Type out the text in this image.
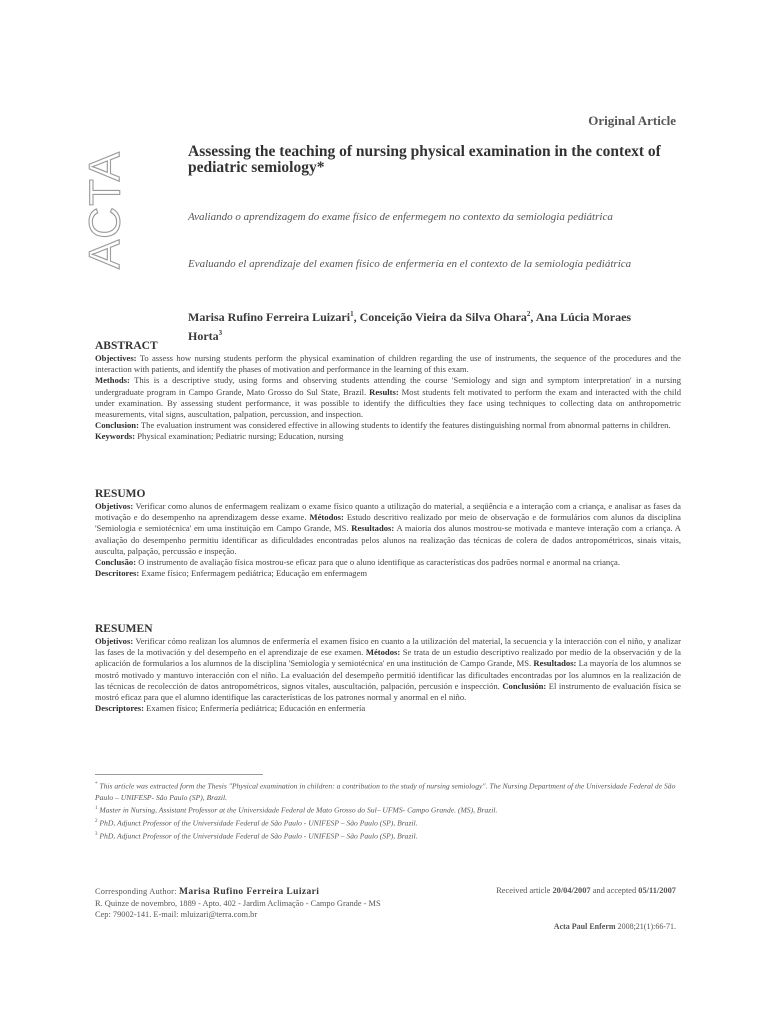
Original Article
ACTA	Assessing the teaching of nursing physical examination in the context of pediatric semiology*
Avaliando o aprendizagem do exame físico de enfermegem no contexto da semiologia pediátrica
Evaluando el aprendizaje del examen físico de enfermería en el contexto de la semiología pediátrica
Marisa Rufino Ferreira Luizari$^1$, Conceição Vieira da Silva Ohara$^2$, Ana Lúcia Moraes Horta$^3$
ABSTRACT

Objectives: To assess how nursing students perform the physical examination of children regarding the use of instruments, the sequence of the procedures and the interaction with patients, and identify the phases of motivation and performance in the learning of this exam.
Methods: This is a descriptive study, using forms and observing students attending the course 'Semiology and sign and symptom interpretation' in a nursing undergraduate program in Campo Grande, Mato Grosso do Sul State, Brazil. Results: Most students felt motivated to perform the exam and interacted with the child under examination. By assessing student performance, it was possible to identify the difficulties they face using techniques to collecting data on anthropometric measurements, vital signs, auscultation, palpation, percussion, and inspection.
Conclusion: The evaluation instrument was considered effective in allowing students to identify the features distinguishing normal from abnormal patterns in children.
Keywords: Physical examination; Pediatric nursing; Education, nursing

RESUMO

Objetivos: Verificar como alunos de enfermagem realizam o exame físico quanto a utilização do material, a seqüência e a interação com a criança, e analisar as fases da motivação e do desempenho na aprendizagem desse exame. Métodos: Estudo descritivo realizado por meio de observação e de formulários com alunos da disciplina 'Semiologia e semiotécnica' em uma instituição em Campo Grande, MS. Resultados: A maioria dos alunos mostrou-se motivada e manteve interação com a criança. A avaliação do desempenho permitiu identificar as dificuldades encontradas pelos alunos na realização das técnicas de colera de dados antropométricos, sinais vitais, ausculta, palpação, percussão e inspeção.
Conclusão: O instrumento de avaliação física mostrou-se eficaz para que o aluno identifique as características dos padrões normal e anormal na criança.
Descritores: Exame físico; Enfermagem pediátrica; Educação em enfermagem

RESUMEN

Objetivos: Verificar cómo realizan los alumnos de enfermería el examen físico en cuanto a la utilización del material, la secuencia y la interacción con el niño, y analizar las fases de la motivación y del desempeño en el aprendizaje de ese examen. Métodos: Se trata de un estudio descriptivo realizado por medio de la observación y de la aplicación de formularios a los alumnos de la disciplina 'Semiología y semiotécnica' en una institución de Campo Grande, MS. Resultados: La mayoría de los alumnos se mostró motivado y mantuvo interacción con el niño. La evaluación del desempeño permitió identificar las dificultades encontradas por los alumnos en la realización de las técnicas de recolección de datos antropométricos, signos vitales, auscultación, palpación, percusión e inspección. Conclusión: El instrumento de evaluación física se mostró eficaz para que el alumno identifique las características de los patrones normal y anormal en el niño.
Descriptores: Examen físico; Enfermería pediátrica; Educación en enfermería

* This article was extracted form the Thesis "Physical examination in children: a contribution to the study of nursing semiology". The Nursing Department of the Universidade Federal de São Paulo – UNIFESP- São Paulo (SP), Brazil.

$^1$ Master in Nursing, Assistant Professor at the Universidade Federal de Mato Grosso do Sul– UFMS- Campo Grande. (MS), Brazil.

$^2$ PhD, Adjunct Professor of the Universidade Federal de São Paulo - UNIFESP – São Paulo (SP), Brazil.

$^3$ PhD, Adjunct Professor of the Universidade Federal de São Paulo - UNIFESP – São Paulo (SP), Brazil.

Corresponding Author: Marisa Rufino Ferreira Luizari
R. Quinze de novembro, 1889 - Apto. 402 - Jardim Aclimação - Campo Grande - MS
Cep: 79002-141. E-mail: mluizari@terra.com.br
Received article 20/04/2007 and accepted 05/11/2007
Acta Paul Enferm 2008;21(1):66-71.
